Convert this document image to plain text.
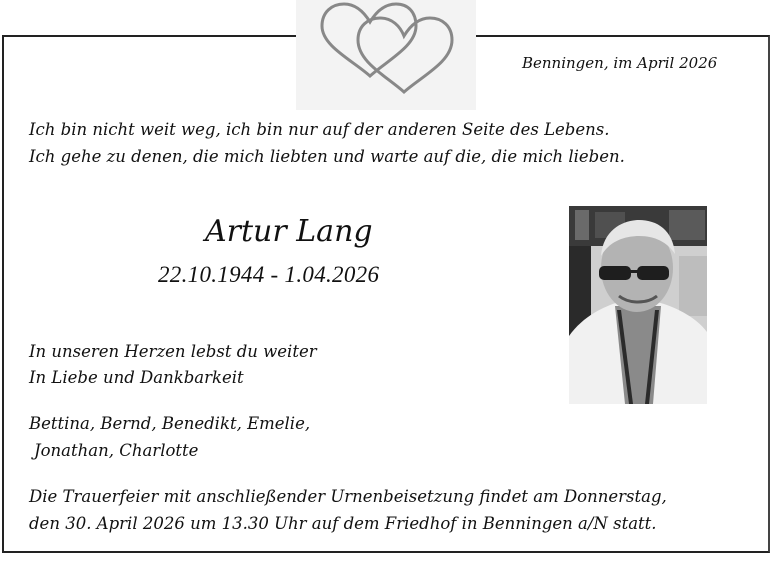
Benningen, im April 2026
Ich bin nicht weit weg, ich bin nur auf der anderen Seite des Lebens.
Ich gehe zu denen, die mich liebten und warte auf die, die mich lieben.
Artur Lang
22.10.1944 - 1.04.2026
In unseren Herzen lebst du weiter
In Liebe und Dankbarkeit
Bettina, Bernd, Benedikt, Emelie,
Jonathan, Charlotte
Die Trauerfeier mit anschließender Urnenbeisetzung findet am Donnerstag,
den 30. April 2026 um 13.30 Uhr auf dem Friedhof in Benningen a/N statt.
